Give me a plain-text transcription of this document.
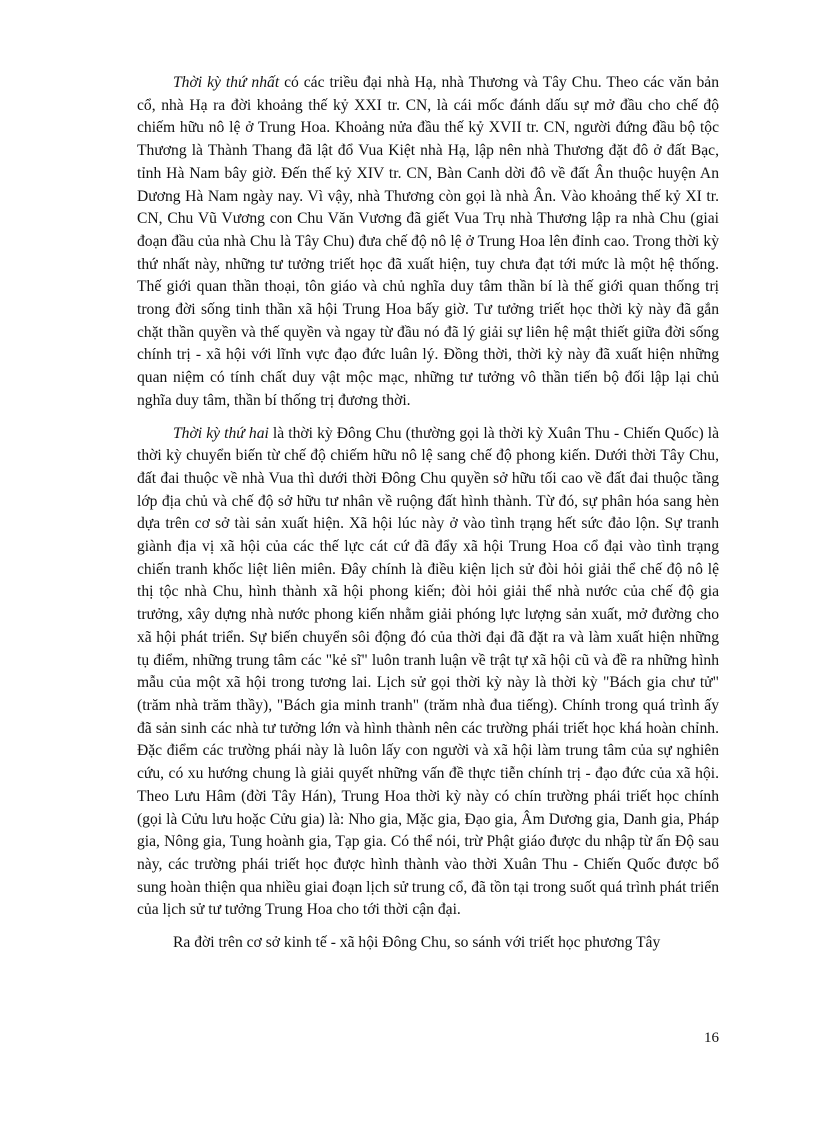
Thời kỳ thứ nhất có các triều đại nhà Hạ, nhà Thương và Tây Chu. Theo các văn bản cổ, nhà Hạ ra đời khoảng thế kỷ XXI tr. CN, là cái mốc đánh dấu sự mở đầu cho chế độ chiếm hữu nô lệ ở Trung Hoa. Khoảng nửa đầu thế kỷ XVII tr. CN, người đứng đầu bộ tộc Thương là Thành Thang đã lật đổ Vua Kiệt nhà Hạ, lập nên nhà Thương đặt đô ở đất Bạc, tỉnh Hà Nam bây giờ. Đến thế kỷ XIV tr. CN, Bàn Canh dời đô về đất Ân thuộc huyện An Dương Hà Nam ngày nay. Vì vậy, nhà Thương còn gọi là nhà Ân. Vào khoảng thế kỷ XI tr. CN, Chu Vũ Vương con Chu Văn Vương đã giết Vua Trụ nhà Thương lập ra nhà Chu (giai đoạn đầu của nhà Chu là Tây Chu) đưa chế độ nô lệ ở Trung Hoa lên đỉnh cao. Trong thời kỳ thứ nhất này, những tư tưởng triết học đã xuất hiện, tuy chưa đạt tới mức là một hệ thống. Thế giới quan thần thoại, tôn giáo và chủ nghĩa duy tâm thần bí là thế giới quan thống trị trong đời sống tinh thần xã hội Trung Hoa bấy giờ. Tư tưởng triết học thời kỳ này đã gắn chặt thần quyền và thế quyền và ngay từ đầu nó đã lý giải sự liên hệ mật thiết giữa đời sống chính trị - xã hội với lĩnh vực đạo đức luân lý. Đồng thời, thời kỳ này đã xuất hiện những quan niệm có tính chất duy vật mộc mạc, những tư tưởng vô thần tiến bộ đối lập lại chủ nghĩa duy tâm, thần bí thống trị đương thời.

Thời kỳ thứ hai là thời kỳ Đông Chu (thường gọi là thời kỳ Xuân Thu - Chiến Quốc) là thời kỳ chuyển biến từ chế độ chiếm hữu nô lệ sang chế độ phong kiến. Dưới thời Tây Chu, đất đai thuộc về nhà Vua thì dưới thời Đông Chu quyền sở hữu tối cao về đất đai thuộc tầng lớp địa chủ và chế độ sở hữu tư nhân về ruộng đất hình thành. Từ đó, sự phân hóa sang hèn dựa trên cơ sở tài sản xuất hiện. Xã hội lúc này ở vào tình trạng hết sức đảo lộn. Sự tranh giành địa vị xã hội của các thế lực cát cứ đã đẩy xã hội Trung Hoa cổ đại vào tình trạng chiến tranh khốc liệt liên miên. Đây chính là điều kiện lịch sử đòi hỏi giải thể chế độ nô lệ thị tộc nhà Chu, hình thành xã hội phong kiến; đòi hỏi giải thể nhà nước của chế độ gia trưởng, xây dựng nhà nước phong kiến nhằm giải phóng lực lượng sản xuất, mở đường cho xã hội phát triển. Sự biến chuyển sôi động đó của thời đại đã đặt ra và làm xuất hiện những tụ điểm, những trung tâm các "kẻ sĩ" luôn tranh luận về trật tự xã hội cũ và đề ra những hình mẫu của một xã hội trong tương lai. Lịch sử gọi thời kỳ này là thời kỳ "Bách gia chư tử" (trăm nhà trăm thầy), "Bách gia minh tranh" (trăm nhà đua tiếng). Chính trong quá trình ấy đã sản sinh các nhà tư tưởng lớn và hình thành nên các trường phái triết học khá hoàn chỉnh. Đặc điểm các trường phái này là luôn lấy con người và xã hội làm trung tâm của sự nghiên cứu, có xu hướng chung là giải quyết những vấn đề thực tiễn chính trị - đạo đức của xã hội. Theo Lưu Hâm (đời Tây Hán), Trung Hoa thời kỳ này có chín trường phái triết học chính (gọi là Cửu lưu hoặc Cửu gia) là: Nho gia, Mặc gia, Đạo gia, Âm Dương gia, Danh gia, Pháp gia, Nông gia, Tung hoành gia, Tạp gia. Có thể nói, trừ Phật giáo được du nhập từ ấn Độ sau này, các trường phái triết học được hình thành vào thời Xuân Thu - Chiến Quốc được bổ sung hoàn thiện qua nhiều giai đoạn lịch sử trung cổ, đã tồn tại trong suốt quá trình phát triển của lịch sử tư tưởng Trung Hoa cho tới thời cận đại.

Ra đời trên cơ sở kinh tế - xã hội Đông Chu, so sánh với triết học phương Tây

16
